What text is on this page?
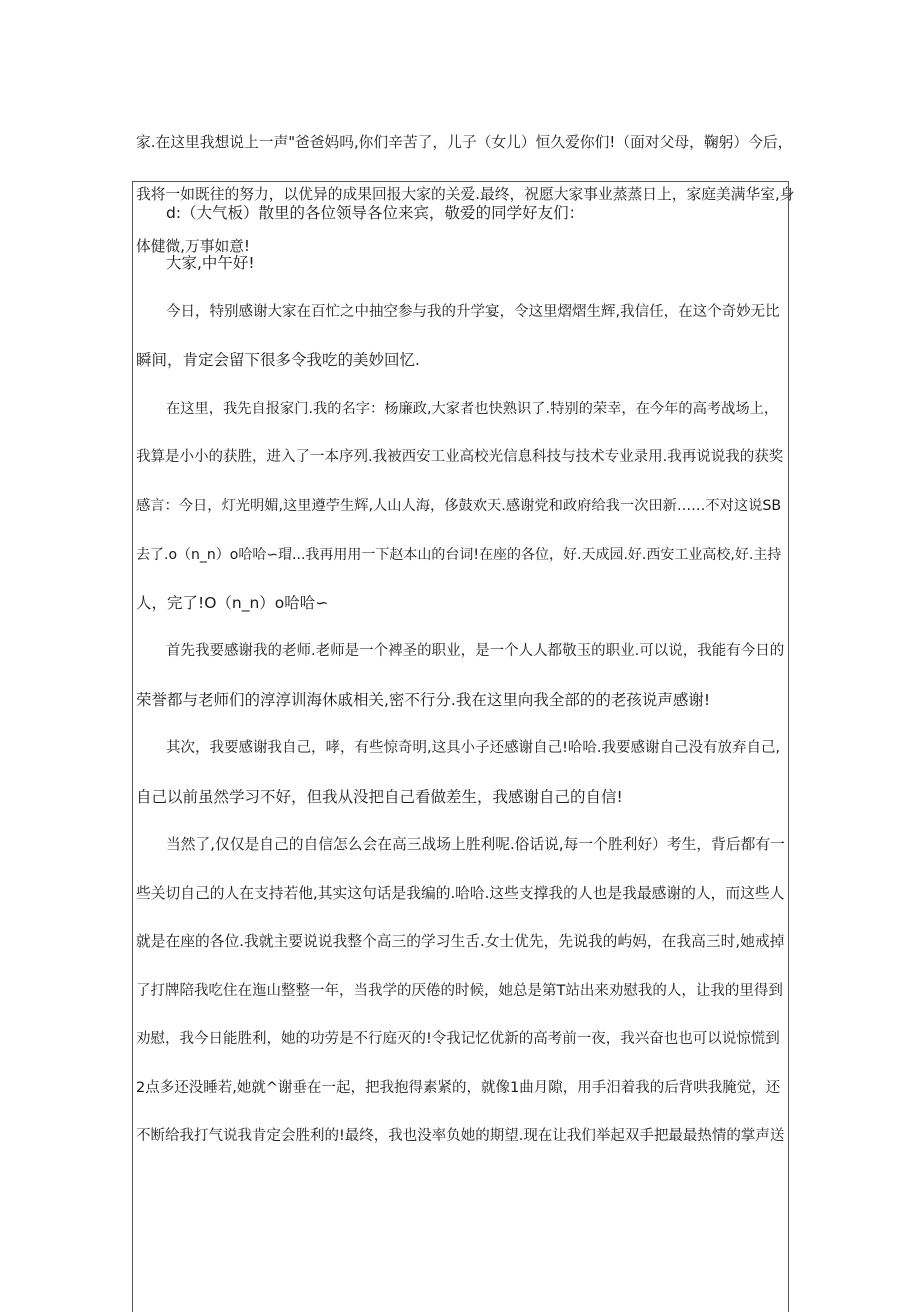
家.在这里我想说上一声"爸爸妈吗,你们辛苦了，儿子（女儿）恒久爱你们!（面对父母，鞠躬）今后，

我将一如既往的努力，以优异的成果回报大家的关爱.最终，祝愿大家事业蒸蒸日上，家庭美满华室,身

体健微,万事如意!

d:（大气板）散里的各位领导各位来宾，敬爱的同学好友们：
大家,中午好!
今日，特别感谢大家在百忙之中抽空参与我的升学宴，令这里熠熠生辉,我信任，在这个奇妙无比
瞬间，肯定会留下很多令我吃的美妙回忆.
在这里，我先自报家门.我的名字：杨廉政,大家者也快熟识了.特别的荣幸，在今年的高考战场上，
我算是小小的获胜，进入了一本序列.我被西安工业高校光信息科技与技术专业录用.我再说说我的获奖
感言：今日，灯光明媚,这里遵苧生辉,人山人海，侈鼓欢天.感谢党和政府给我一次田新……不对这说SB
去了.o（n_n）o哈哈∽瑁...我再用用一下赵本山的台词!在座的各位，好.天成园.好.西安工业高校,好.主持
人，完了!O（n_n）o哈哈∽
首先我要感谢我的老师.老师是一个裨圣的职业，是一个人人都敬玉的职业.可以说，我能有今日的
荣誉都与老师们的淳淳训海休戚相关,密不行分.我在这里向我全部的的老孩说声感谢!
其次，我要感谢我自己，哮，有些惊奇明,这具小子还感谢自己!哈哈.我要感谢自己没有放弃自己,
自己以前虽然学习不好，但我从没把自己看做差生，我感谢自己的自信!
当然了,仅仅是自己的自信怎么会在高三战场上胜利呢.俗话说,每一个胜利好）考生，背后都有一
些关切自己的人在支持若他,其实这句话是我编的.哈哈.这些支撑我的人也是我最感谢的人，而这些人
就是在座的各位.我就主要说说我整个高三的学习生舌.女士优先，先说我的屿妈，在我高三时,她戒掉
了打牌陪我吃住在迤山整整一年，当我学的厌倦的时候，她总是第T站出来劝慰我的人，让我的里得到
劝慰，我今日能胜利，她的功劳是不行庭灭的!令我记忆优新的高考前一夜，我兴奋也也可以说惊慌到
2点多还没睡若,她就^谢垂在一起，把我抱得素紧的，就像1曲月隙，用手汨着我的后背哄我腌觉，还
不断给我打气说我肯定会胜利的!最终，我也没率负她的期望.现在让我们举起双手把最最热情的掌声送
